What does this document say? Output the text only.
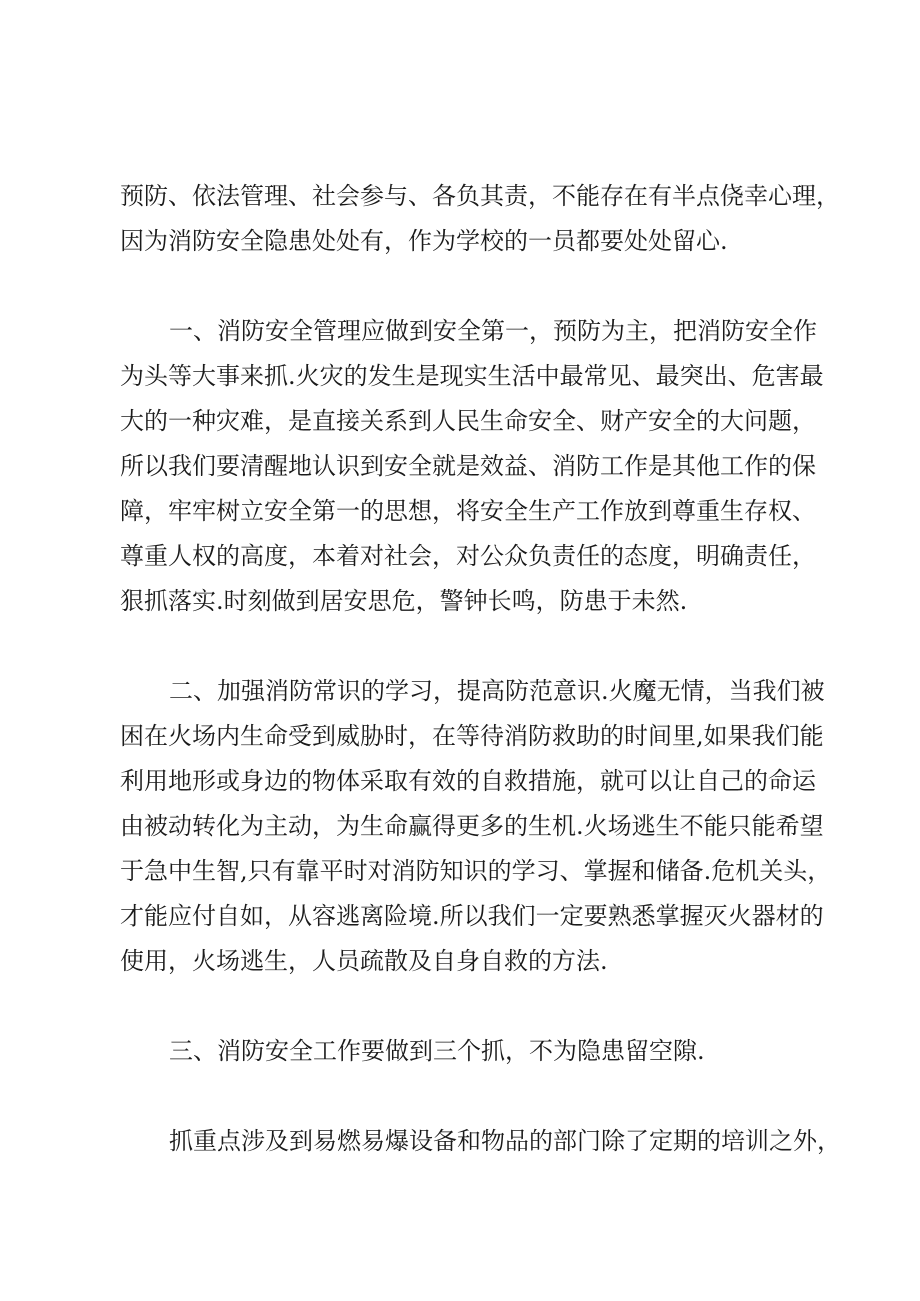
预防、依法管理、社会参与、各负其责，不能存在有半点侥幸心理，

因为消防安全隐患处处有，作为学校的一员都要处处留心.

一、消防安全管理应做到安全第一，预防为主，把消防安全作

为头等大事来抓.火灾的发生是现实生活中最常见、最突出、危害最

大的一种灾难，是直接关系到人民生命安全、财产安全的大问题，

所以我们要清醒地认识到安全就是效益、消防工作是其他工作的保

障，牢牢树立安全第一的思想，将安全生产工作放到尊重生存权、

尊重人权的高度，本着对社会，对公众负责任的态度，明确责任，

狠抓落实.时刻做到居安思危，警钟长鸣，防患于未然.

二、加强消防常识的学习，提高防范意识.火魔无情，当我们被

困在火场内生命受到威胁时，在等待消防救助的时间里,如果我们能

利用地形或身边的物体采取有效的自救措施，就可以让自己的命运

由被动转化为主动，为生命赢得更多的生机.火场逃生不能只能希望

于急中生智,只有靠平时对消防知识的学习、掌握和储备.危机关头，

才能应付自如，从容逃离险境.所以我们一定要熟悉掌握灭火器材的

使用，火场逃生，人员疏散及自身自救的方法.

三、消防安全工作要做到三个抓，不为隐患留空隙.

抓重点涉及到易燃易爆设备和物品的部门除了定期的培训之外，
